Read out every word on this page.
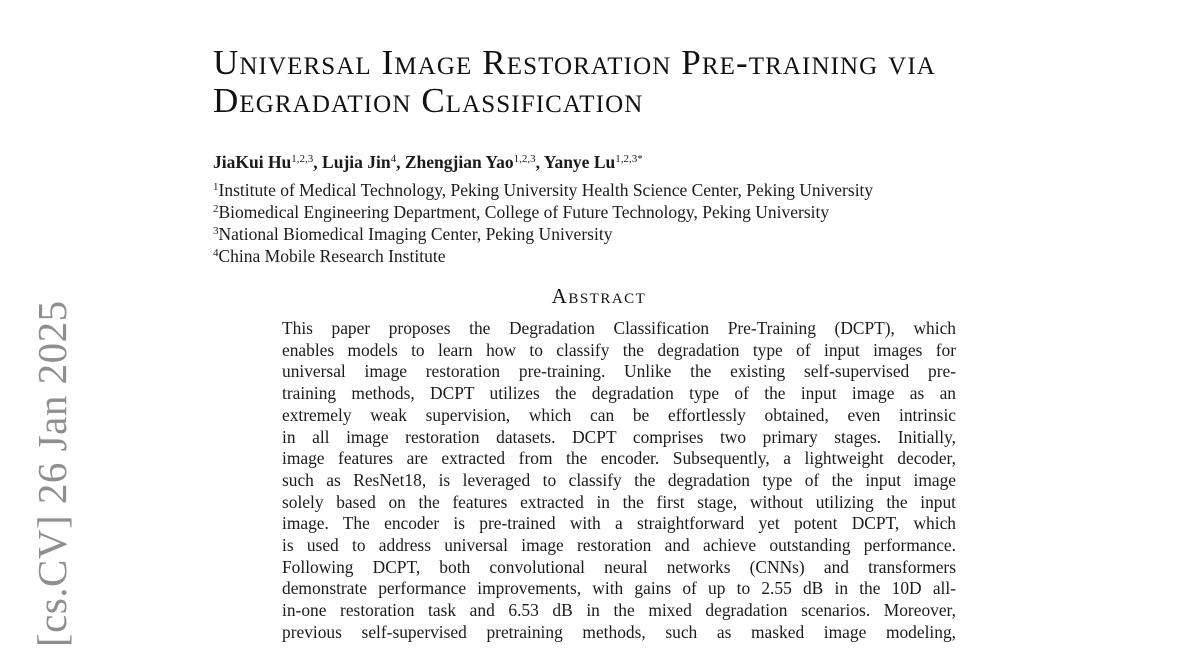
[cs.CV] 26 Jan 2025
Universal Image Restoration Pre-training via
Degradation Classification
JiaKui Hu$^{1,2,3}$, Lujia Jin$^4$, Zhengjian Yao$^{1,2,3}$, Yanye Lu$^{1,2,3*}$
$^1$Institute of Medical Technology, Peking University Health Science Center, Peking University
$^2$Biomedical Engineering Department, College of Future Technology, Peking University
$^3$National Biomedical Imaging Center, Peking University
$^4$China Mobile Research Institute
Abstract
This paper proposes the Degradation Classification Pre-Training (DCPT), which
enables models to learn how to classify the degradation type of input images for
universal image restoration pre-training. Unlike the existing self-supervised pre-
training methods, DCPT utilizes the degradation type of the input image as an
extremely weak supervision, which can be effortlessly obtained, even intrinsic
in all image restoration datasets. DCPT comprises two primary stages. Initially,
image features are extracted from the encoder. Subsequently, a lightweight decoder,
such as ResNet18, is leveraged to classify the degradation type of the input image
solely based on the features extracted in the first stage, without utilizing the input
image. The encoder is pre-trained with a straightforward yet potent DCPT, which
is used to address universal image restoration and achieve outstanding performance.
Following DCPT, both convolutional neural networks (CNNs) and transformers
demonstrate performance improvements, with gains of up to 2.55 dB in the 10D all-
in-one restoration task and 6.53 dB in the mixed degradation scenarios. Moreover,
previous self-supervised pretraining methods, such as masked image modeling,
